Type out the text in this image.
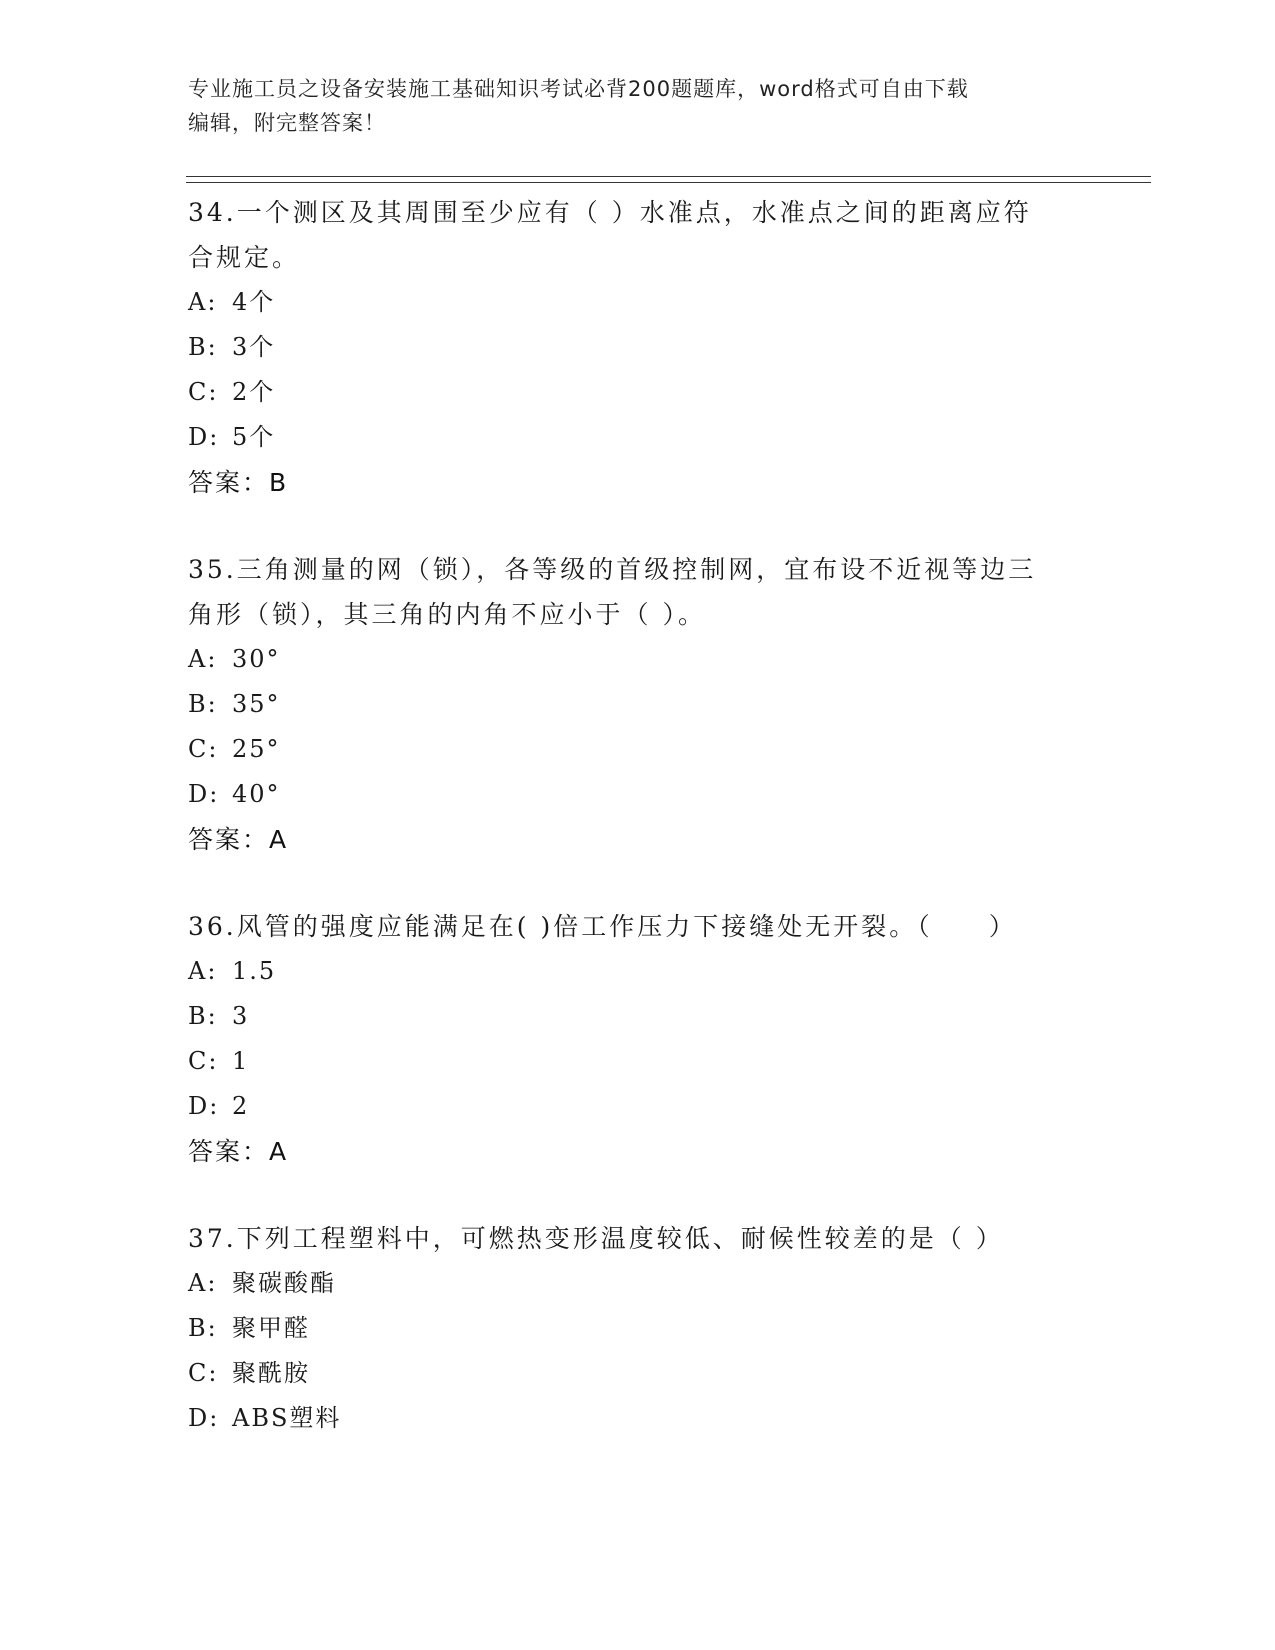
专业施工员之设备安装施工基础知识考试必背200题题库，word格式可自由下载
编辑，附完整答案！
34.一个测区及其周围至少应有（ ）水准点，水准点之间的距离应符
合规定。
A: 4个
B: 3个
C: 2个
D: 5个
答案：B
35.三角测量的网（锁），各等级的首级控制网，宜布设不近视等边三
角形（锁），其三角的内角不应小于（ ）。
A: 30°
B: 35°
C: 25°
D: 40°
答案：A
36.风管的强度应能满足在( )倍工作压力下接缝处无开裂。（　　）
A: 1.5
B: 3
C: 1
D: 2
答案：A
37.下列工程塑料中，可燃热变形温度较低、耐候性较差的是（ ）
A: 聚碳酸酯
B: 聚甲醛
C: 聚酰胺
D: ABS塑料
